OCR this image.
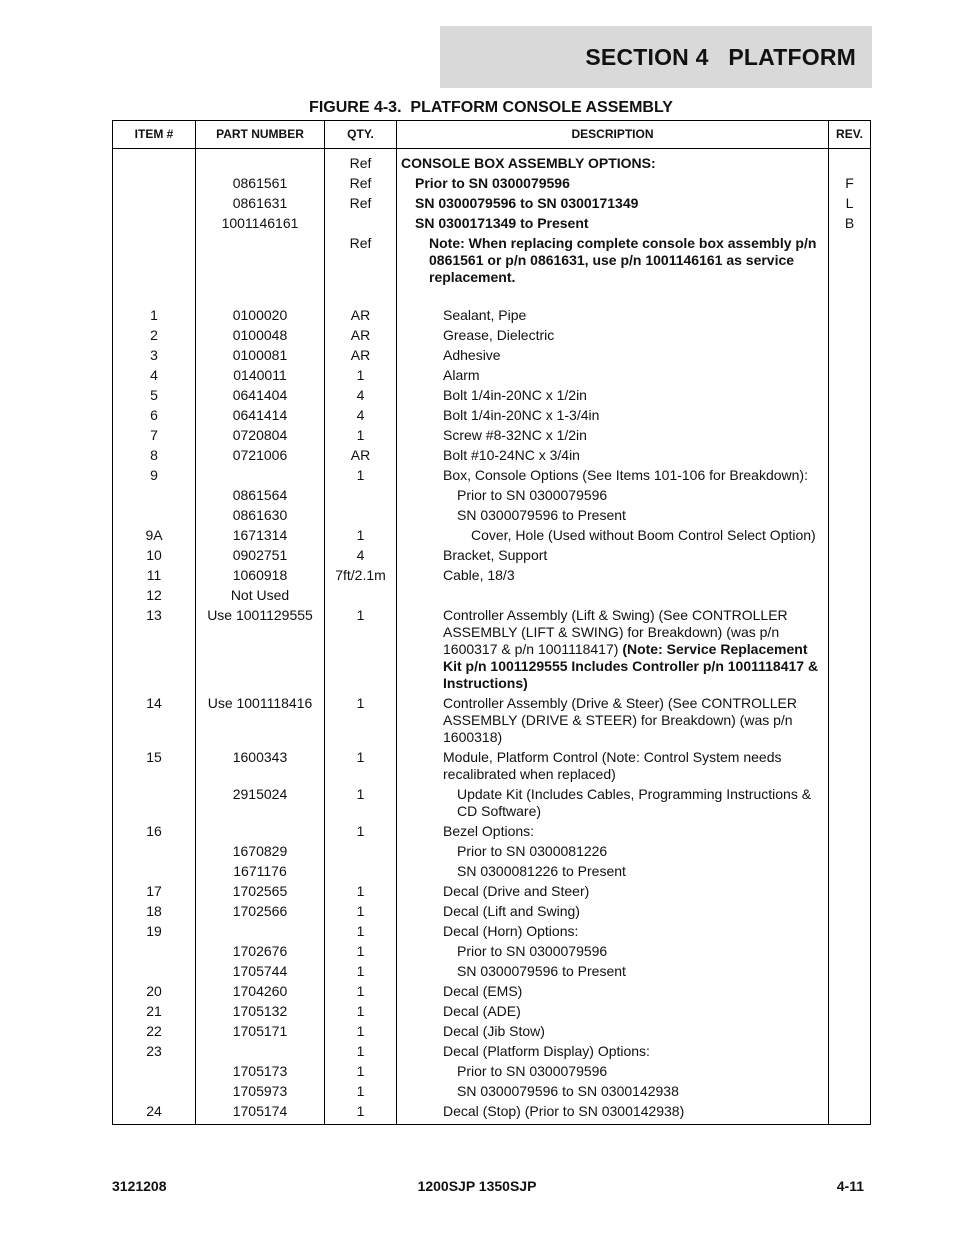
SECTION 4   PLATFORM
FIGURE 4-3.  PLATFORM CONSOLE ASSEMBLY
ITEM #	PART NUMBER	QTY.	DESCRIPTION	REV.
		Ref	CONSOLE BOX ASSEMBLY OPTIONS:	
	0861561	Ref	Prior to SN 0300079596	F
	0861631	Ref	SN 0300079596 to SN 0300171349	L
	1001146161		SN 0300171349 to Present	B
		Ref	Note: When replacing complete console box assembly p/n 0861561 or p/n 0861631, use p/n 1001146161 as service replacement.	

1	0100020	AR	Sealant, Pipe	
2	0100048	AR	Grease, Dielectric	
3	0100081	AR	Adhesive	
4	0140011	1	Alarm	
5	0641404	4	Bolt 1/4in-20NC x 1/2in	
6	0641414	4	Bolt 1/4in-20NC x 1-3/4in	
7	0720804	1	Screw #8-32NC x 1/2in	
8	0721006	AR	Bolt #10-24NC x 3/4in	
9		1	Box, Console Options (See Items 101-106 for Breakdown):	
	0861564		Prior to SN 0300079596	
	0861630		SN 0300079596 to Present	
9A	1671314	1	Cover, Hole (Used without Boom Control Select Option)	
10	0902751	4	Bracket, Support	
11	1060918	7ft/2.1m	Cable, 18/3	
12	Not Used			
13	Use 1001129555	1	Controller Assembly (Lift & Swing) (See CONTROLLER ASSEMBLY (LIFT & SWING) for Breakdown) (was p/n 1600317 & p/n 1001118417) (Note: Service Replacement Kit p/n 1001129555 Includes Controller p/n 1001118417 & Instructions)	
14	Use 1001118416	1	Controller Assembly (Drive & Steer) (See CONTROLLER ASSEMBLY (DRIVE & STEER) for Breakdown) (was p/n 1600318)	
15	1600343	1	Module, Platform Control (Note: Control System needs recalibrated when replaced)	
	2915024	1	Update Kit (Includes Cables, Programming Instructions & CD Software)	
16		1	Bezel Options:	
	1670829		Prior to SN 0300081226	
	1671176		SN 0300081226 to Present	
17	1702565	1	Decal (Drive and Steer)	
18	1702566	1	Decal (Lift and Swing)	
19		1	Decal (Horn) Options:	
	1702676	1	Prior to SN 0300079596	
	1705744	1	SN 0300079596 to Present	
20	1704260	1	Decal (EMS)	
21	1705132	1	Decal (ADE)	
22	1705171	1	Decal (Jib Stow)	
23		1	Decal (Platform Display) Options:	
	1705173	1	Prior to SN 0300079596	
	1705973	1	SN 0300079596 to SN 0300142938	
24	1705174	1	Decal (Stop) (Prior to SN 0300142938)	
3121208	1200SJP 1350SJP	4-11
